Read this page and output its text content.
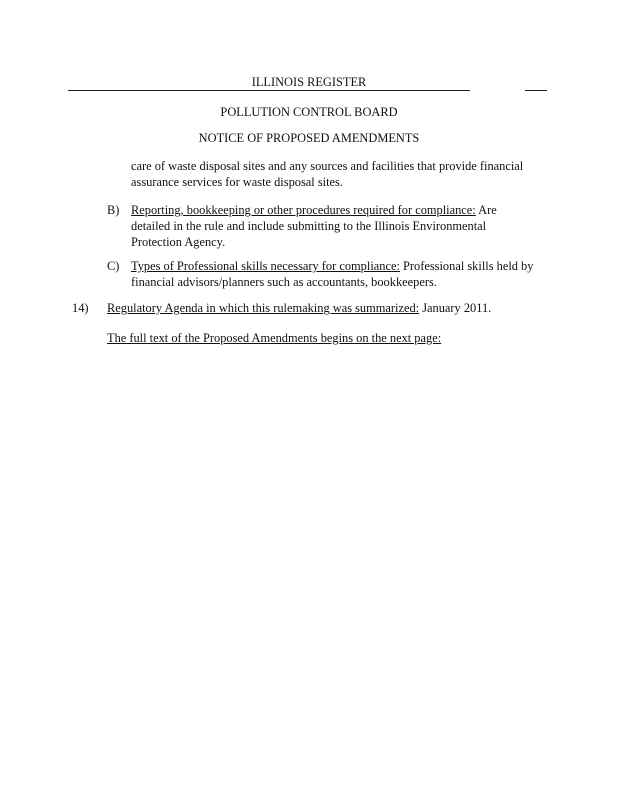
ILLINOIS REGISTER
POLLUTION CONTROL BOARD
NOTICE OF PROPOSED AMENDMENTS

care of waste disposal sites and any sources and facilities that provide financial assurance services for waste disposal sites.

B) Reporting, bookkeeping or other procedures required for compliance: Are detailed in the rule and include submitting to the Illinois Environmental Protection Agency.

C) Types of Professional skills necessary for compliance: Professional skills held by financial advisors/planners such as accountants, bookkeepers.

14) Regulatory Agenda in which this rulemaking was summarized: January 2011.

The full text of the Proposed Amendments begins on the next page:
